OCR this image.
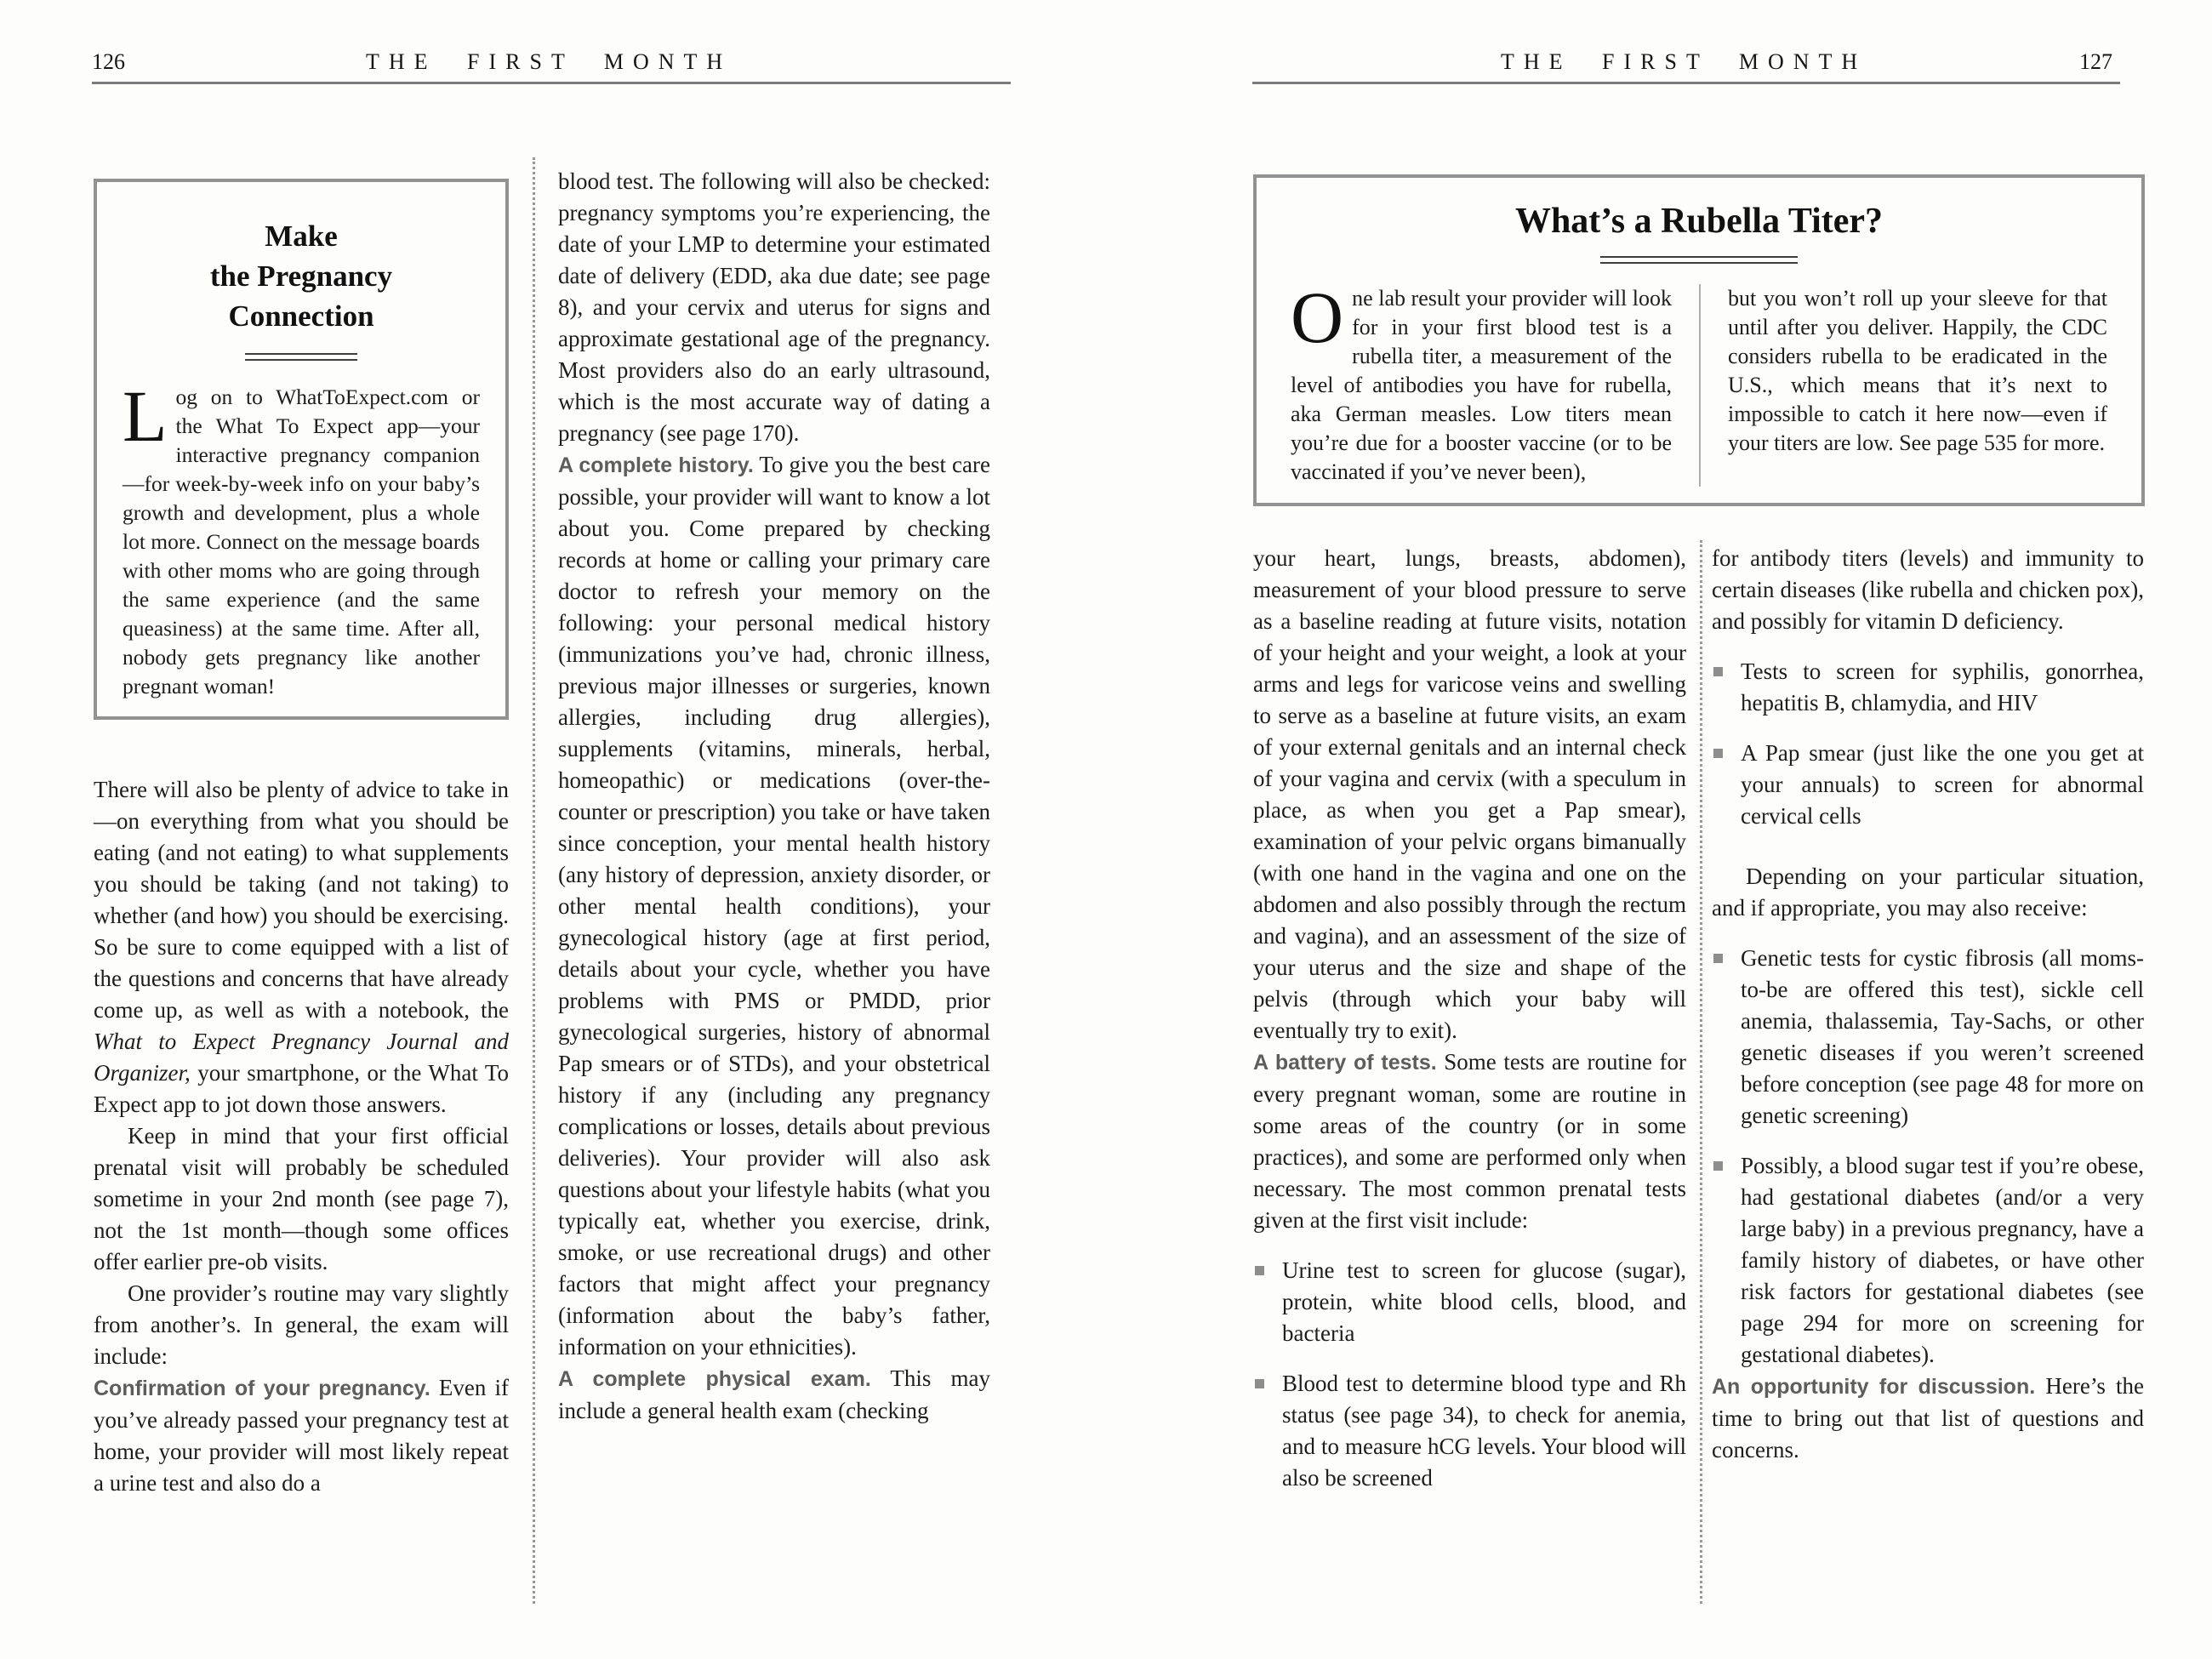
126	THE FIRST MONTH
Make
the Pregnancy
Connection
Log on to WhatToExpect.com or the What To Expect app—your interactive pregnancy companion—for week-by-week info on your baby’s growth and development, plus a whole lot more. Connect on the message boards with other moms who are going through the same experience (and the same queasiness) at the same time. After all, nobody gets pregnancy like another pregnant woman!

There will also be plenty of advice to take in—on everything from what you should be eating (and not eating) to what supplements you should be taking (and not taking) to whether (and how) you should be exercising. So be sure to come equipped with a list of the questions and concerns that have already come up, as well as with a notebook, the What to Expect Pregnancy Journal and Organizer, your smartphone, or the What To Expect app to jot down those answers.

Keep in mind that your first official prenatal visit will probably be scheduled sometime in your 2nd month (see page 7), not the 1st month—though some offices offer earlier pre-ob visits.

One provider’s routine may vary slightly from another’s. In general, the exam will include:

Confirmation of your pregnancy. Even if you’ve already passed your pregnancy test at home, your provider will most likely repeat a urine test and also do a

blood test. The following will also be checked: pregnancy symptoms you’re experiencing, the date of your LMP to determine your estimated date of delivery (EDD, aka due date; see page 8), and your cervix and uterus for signs and approximate gestational age of the pregnancy. Most providers also do an early ultrasound, which is the most accurate way of dating a pregnancy (see page 170).

A complete history. To give you the best care possible, your provider will want to know a lot about you. Come prepared by checking records at home or calling your primary care doctor to refresh your memory on the following: your personal medical history (immunizations you’ve had, chronic illness, previous major illnesses or surgeries, known allergies, including drug allergies), supplements (vitamins, minerals, herbal, homeopathic) or medications (over-the-counter or prescription) you take or have taken since conception, your mental health history (any history of depression, anxiety disorder, or other mental health conditions), your gynecological history (age at first period, details about your cycle, whether you have problems with PMS or PMDD, prior gynecological surgeries, history of abnormal Pap smears or of STDs), and your obstetrical history if any (including any pregnancy complications or losses, details about previous deliveries). Your provider will also ask questions about your lifestyle habits (what you typically eat, whether you exercise, drink, smoke, or use recreational drugs) and other factors that might affect your pregnancy (information about the baby’s father, information on your ethnicities).

A complete physical exam. This may include a general health exam (checking

THE FIRST MONTH	127
What’s a Rubella Titer?
One lab result your provider will look for in your first blood test is a rubella titer, a measurement of the level of antibodies you have for rubella, aka German measles. Low titers mean you’re due for a booster vaccine (or to be vaccinated if you’ve never been),
but you won’t roll up your sleeve for that until after you deliver. Happily, the CDC considers rubella to be eradicated in the U.S., which means that it’s next to impossible to catch it here now—even if your titers are low. See page 535 for more.

your heart, lungs, breasts, abdomen), measurement of your blood pressure to serve as a baseline reading at future visits, notation of your height and your weight, a look at your arms and legs for varicose veins and swelling to serve as a baseline at future visits, an exam of your external genitals and an internal check of your vagina and cervix (with a speculum in place, as when you get a Pap smear), examination of your pelvic organs bimanually (with one hand in the vagina and one on the abdomen and also possibly through the rectum and vagina), and an assessment of the size of your uterus and the size and shape of the pelvis (through which your baby will eventually try to exit).

A battery of tests. Some tests are routine for every pregnant woman, some are routine in some areas of the country (or in some practices), and some are performed only when necessary. The most common prenatal tests given at the first visit include:

Urine test to screen for glucose (sugar), protein, white blood cells, blood, and bacteria
Blood test to determine blood type and Rh status (see page 34), to check for anemia, and to measure hCG levels. Your blood will also be screened

for antibody titers (levels) and immunity to certain diseases (like rubella and chicken pox), and possibly for vitamin D deficiency.

Tests to screen for syphilis, gonorrhea, hepatitis B, chlamydia, and HIV
A Pap smear (just like the one you get at your annuals) to screen for abnormal cervical cells

Depending on your particular situation, and if appropriate, you may also receive:

Genetic tests for cystic fibrosis (all moms-to-be are offered this test), sickle cell anemia, thalassemia, Tay-Sachs, or other genetic diseases if you weren’t screened before conception (see page 48 for more on genetic screening)
Possibly, a blood sugar test if you’re obese, had gestational diabetes (and/or a very large baby) in a previous pregnancy, have a family history of diabetes, or have other risk factors for gestational diabetes (see page 294 for more on screening for gestational diabetes).

An opportunity for discussion. Here’s the time to bring out that list of questions and concerns.
